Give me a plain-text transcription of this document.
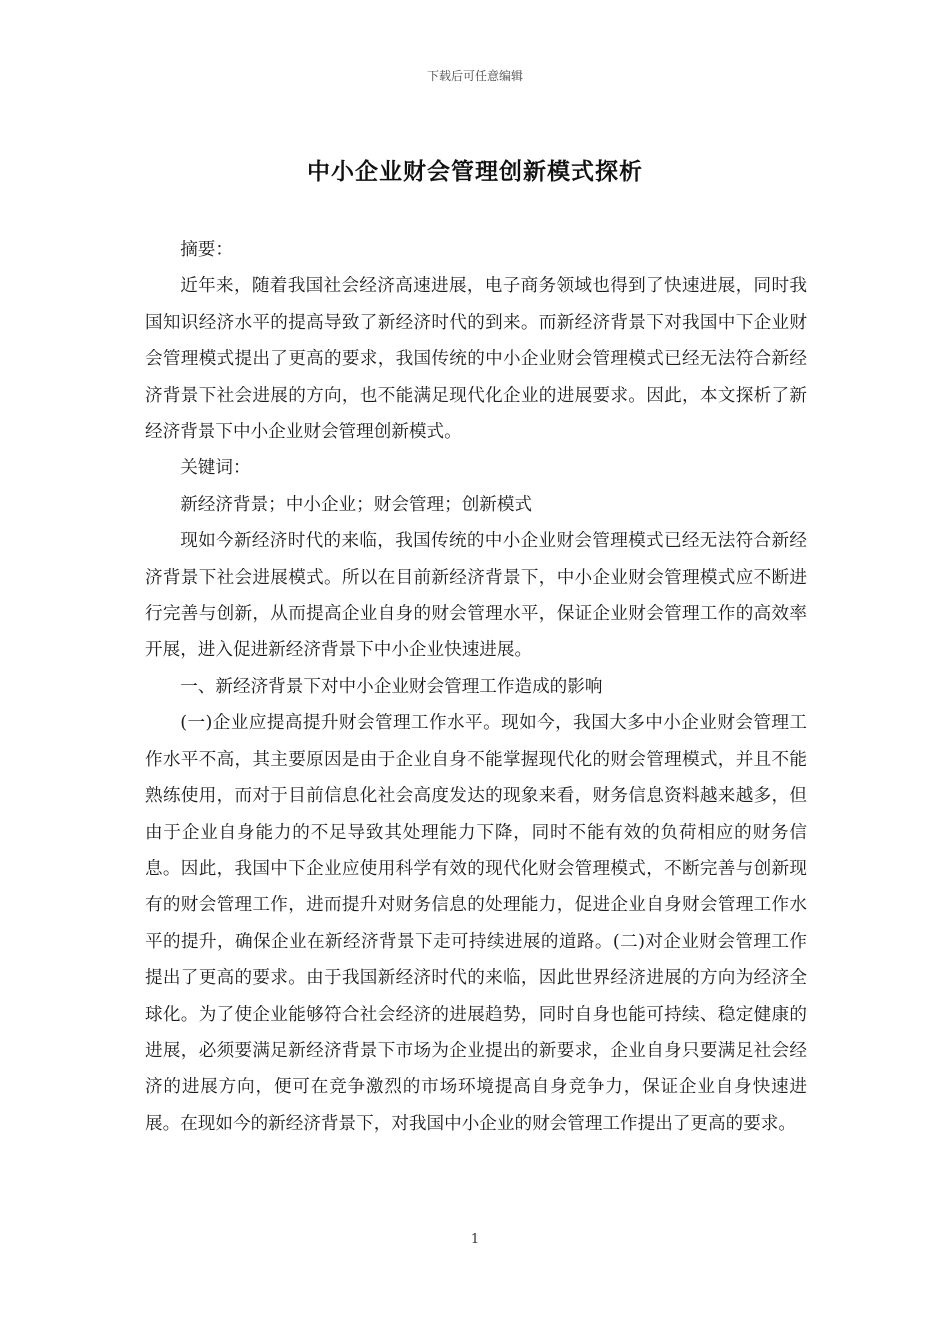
下载后可任意编辑
中小企业财会管理创新模式探析

摘要：

近年来，随着我国社会经济高速进展，电子商务领域也得到了快速进展，同时我国知识经济水平的提高导致了新经济时代的到来。而新经济背景下对我国中下企业财会管理模式提出了更高的要求，我国传统的中小企业财会管理模式已经无法符合新经济背景下社会进展的方向，也不能满足现代化企业的进展要求。因此，本文探析了新经济背景下中小企业财会管理创新模式。

关键词：

新经济背景；中小企业；财会管理；创新模式

现如今新经济时代的来临，我国传统的中小企业财会管理模式已经无法符合新经济背景下社会进展模式。所以在目前新经济背景下，中小企业财会管理模式应不断进行完善与创新，从而提高企业自身的财会管理水平，保证企业财会管理工作的高效率开展，进入促进新经济背景下中小企业快速进展。

一、新经济背景下对中小企业财会管理工作造成的影响

(一)企业应提高提升财会管理工作水平。现如今，我国大多中小企业财会管理工作水平不高，其主要原因是由于企业自身不能掌握现代化的财会管理模式，并且不能熟练使用，而对于目前信息化社会高度发达的现象来看，财务信息资料越来越多，但由于企业自身能力的不足导致其处理能力下降，同时不能有效的负荷相应的财务信息。因此，我国中下企业应使用科学有效的现代化财会管理模式，不断完善与创新现有的财会管理工作，进而提升对财务信息的处理能力，促进企业自身财会管理工作水平的提升，确保企业在新经济背景下走可持续进展的道路。(二)对企业财会管理工作提出了更高的要求。由于我国新经济时代的来临，因此世界经济进展的方向为经济全球化。为了使企业能够符合社会经济的进展趋势，同时自身也能可持续、稳定健康的进展，必须要满足新经济背景下市场为企业提出的新要求，企业自身只要满足社会经济的进展方向，便可在竞争激烈的市场环境提高自身竞争力，保证企业自身快速进展。在现如今的新经济背景下，对我国中小企业的财会管理工作提出了更高的要求。

1
